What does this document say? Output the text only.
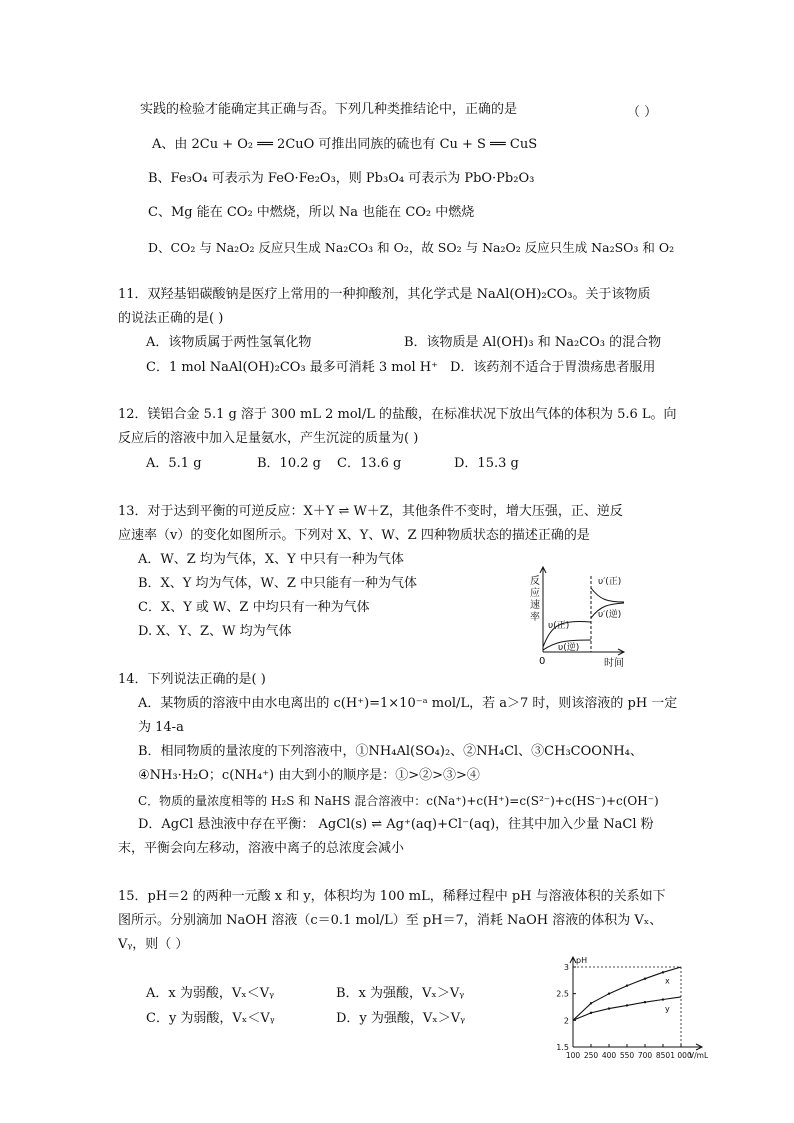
实践的检验才能确定其正确与否。下列几种类推结论中，正确的是	（ ）
A、由 2Cu + O₂ ══ 2CuO 可推出同族的硫也有 Cu + S ══ CuS
B、Fe₃O₄ 可表示为 FeO·Fe₂O₃，则 Pb₃O₄ 可表示为 PbO·Pb₂O₃
C、Mg 能在 CO₂ 中燃烧，所以 Na 也能在 CO₂ 中燃烧
D、CO₂ 与 Na₂O₂ 反应只生成 Na₂CO₃ 和 O₂，故 SO₂ 与 Na₂O₂ 反应只生成 Na₂SO₃ 和 O₂
11．双羟基铝碳酸钠是医疗上常用的一种抑酸剂，其化学式是 NaAl(OH)₂CO₃。关于该物质
的说法正确的是( )
A．该物质属于两性氢氧化物	B．该物质是 Al(OH)₃ 和 Na₂CO₃ 的混合物
C．1 mol NaAl(OH)₂CO₃ 最多可消耗 3 mol H⁺ D．该药剂不适合于胃溃疡患者服用
12．镁铝合金 5.1 g 溶于 300 mL 2 mol/L 的盐酸，在标准状况下放出气体的体积为 5.6 L。向
反应后的溶液中加入足量氨水，产生沉淀的质量为( )
A．5.1 g	B．10.2 g C．13.6 g	D．15.3 g
13．对于达到平衡的可逆反应：X＋Y ⇌ W＋Z，其他条件不变时，增大压强，正、逆反
应速率（v）的变化如图所示。下列对 X、Y、W、Z 四种物质状态的描述正确的是
A．W、Z 均为气体，X、Y 中只有一种为气体
B．X、Y 均为气体，W、Z 中只能有一种为气体
C．X、Y 或 W、Z 中均只有一种为气体
D. X、Y、Z、W 均为气体
反
应
速
率
0	时间
υ(正)
υ(逆)
υ′(正)
υ′(逆)
14．下列说法正确的是( )
A．某物质的溶液中由水电离出的 c(H⁺)=1×10⁻ᵃ mol/L，若 a＞7 时，则该溶液的 pH 一定
为 14-a
B．相同物质的量浓度的下列溶液中，①NH₄Al(SO₄)₂、②NH₄Cl、③CH₃COONH₄、
④NH₃·H₂O；c(NH₄⁺) 由大到小的顺序是：①>②>③>④
C．物质的量浓度相等的 H₂S 和 NaHS 混合溶液中：c(Na⁺)+c(H⁺)=c(S²⁻)+c(HS⁻)+c(OH⁻)
D．AgCl 悬浊液中存在平衡： AgCl(s) ⇌ Ag⁺(aq)+Cl⁻(aq)，往其中加入少量 NaCl 粉
末，平衡会向左移动，溶液中离子的总浓度会减小
15．pH＝2 的两种一元酸 x 和 y，体积均为 100 mL，稀释过程中 pH 与溶液体积的关系如下
图所示。分别滴加 NaOH 溶液（c＝0.1 mol/L）至 pH＝7，消耗 NaOH 溶液的体积为 Vₓ、
Vᵧ，则（ ）
A．x 为弱酸，Vₓ＜Vᵧ	B．x 为强酸，Vₓ＞Vᵧ
C．y 为弱酸，Vₓ＜Vᵧ	D．y 为强酸，Vₓ＞Vᵧ
1.5
2
2.5
3
100 250 400 550 700 850 1 000
pH
V/mL
x
y
